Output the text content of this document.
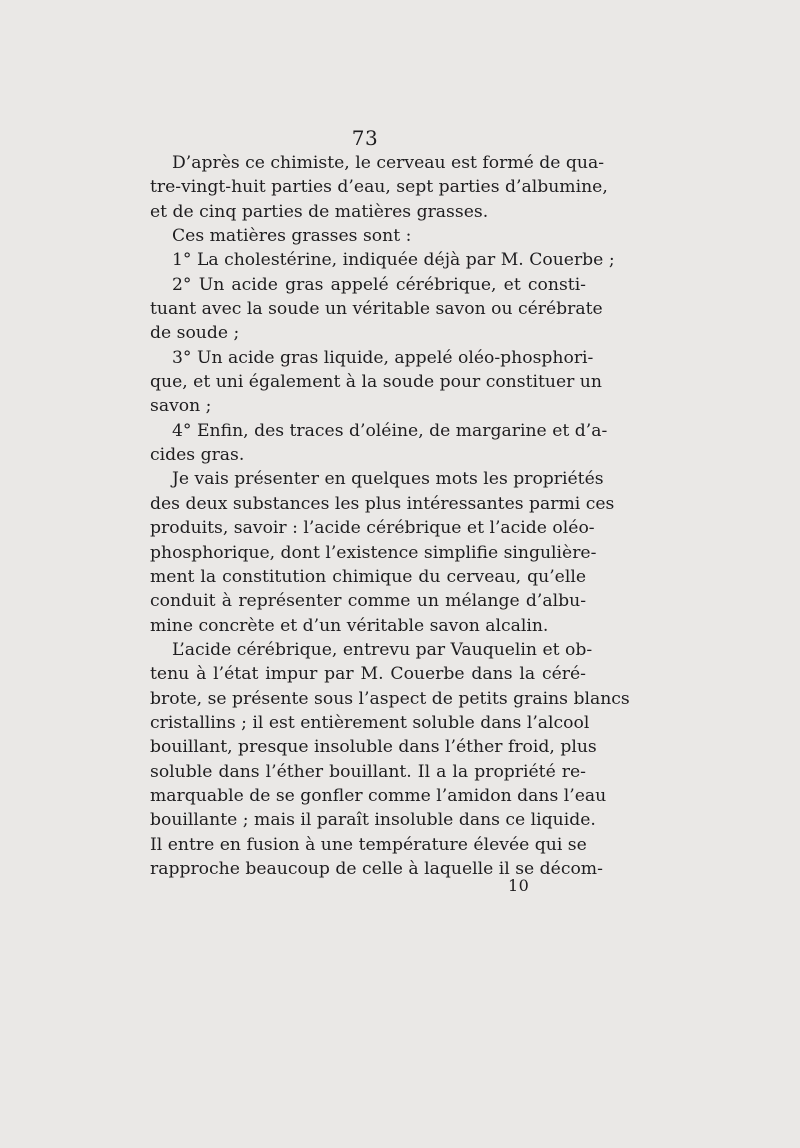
73
D’après ce chimiste, le cerveau est formé de qua-
tre-vingt-huit parties d’eau, sept parties d’albumine,
et de cinq parties de matières grasses.
Ces matières grasses sont :
1° La cholestérine, indiquée déjà par M. Couerbe ;
2° Un acide gras appelé cérébrique, et consti-
tuant avec la soude un véritable savon ou cérébrate
de soude ;
3° Un acide gras liquide, appelé oléo-phosphori-
que, et uni également à la soude pour constituer un
savon ;
4° Enfin, des traces d’oléine, de margarine et d’a-
cides gras.
Je vais présenter en quelques mots les propriétés
des deux substances les plus intéressantes parmi ces
produits, savoir : l’acide cérébrique et l’acide oléo-
phosphorique, dont l’existence simplifie singulière-
ment la constitution chimique du cerveau, qu’elle
conduit à représenter comme un mélange d’albu-
mine concrète et d’un véritable savon alcalin.
L’acide cérébrique, entrevu par Vauquelin et ob-
tenu à l’état impur par M. Couerbe dans la céré-
brote, se présente sous l’aspect de petits grains blancs
cristallins ; il est entièrement soluble dans l’alcool
bouillant, presque insoluble dans l’éther froid, plus
soluble dans l’éther bouillant. Il a la propriété re-
marquable de se gonfler comme l’amidon dans l’eau
bouillante ; mais il paraît insoluble dans ce liquide.
Il entre en fusion à une température élevée qui se
rapproche beaucoup de celle à laquelle il se décom-
10
